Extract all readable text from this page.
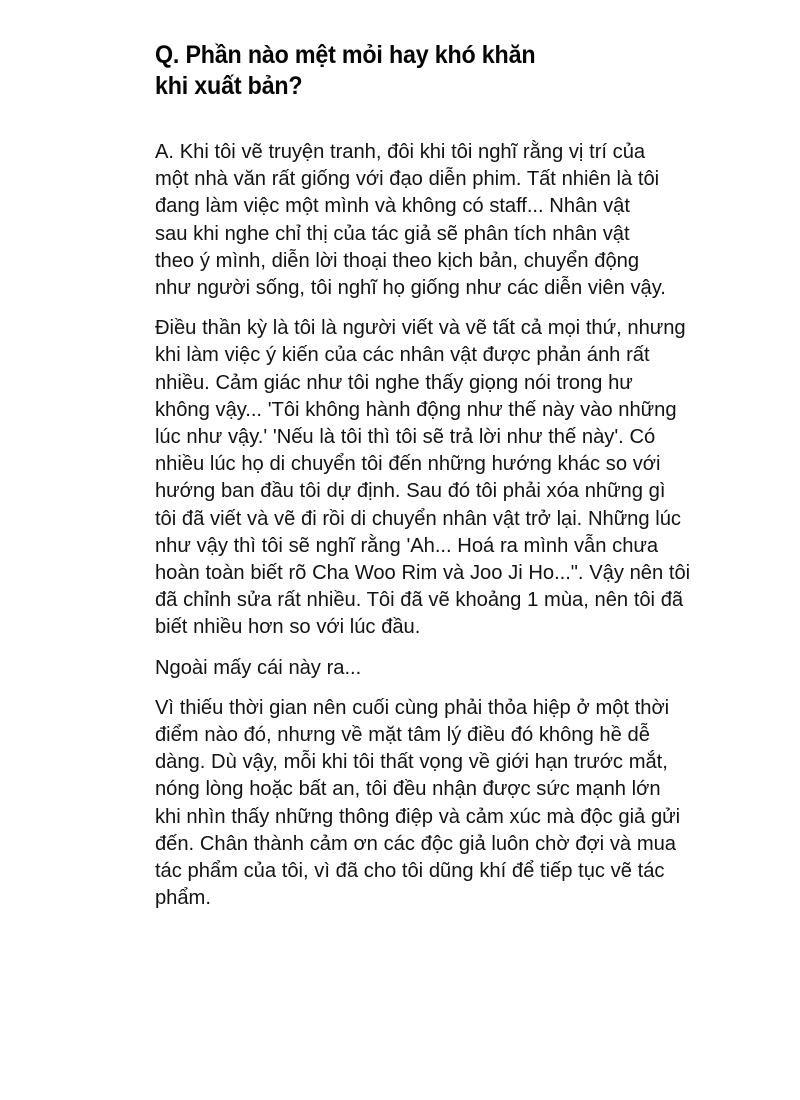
Q. Phần nào mệt mỏi hay khó khăn khi xuất bản?

A. Khi tôi vẽ truyện tranh, đôi khi tôi nghĩ rằng vị trí của một nhà văn rất giống với đạo diễn phim. Tất nhiên là tôi đang làm việc một mình và không có staff... Nhân vật sau khi nghe chỉ thị của tác giả sẽ phân tích nhân vật theo ý mình, diễn lời thoại theo kịch bản, chuyển động như người sống, tôi nghĩ họ giống như các diễn viên vậy.

Điều thần kỳ là tôi là người viết và vẽ tất cả mọi thứ, nhưng khi làm việc ý kiến của các nhân vật được phản ánh rất nhiều. Cảm giác như tôi nghe thấy giọng nói trong hư không vậy... 'Tôi không hành động như thế này vào những lúc như vậy.' 'Nếu là tôi thì tôi sẽ trả lời như thế này'. Có nhiều lúc họ di chuyển tôi đến những hướng khác so với hướng ban đầu tôi dự định. Sau đó tôi phải xóa những gì tôi đã viết và vẽ đi rồi di chuyển nhân vật trở lại. Những lúc như vậy thì tôi sẽ nghĩ rằng 'Ah... Hoá ra mình vẫn chưa hoàn toàn biết rõ Cha Woo Rim và Joo Ji Ho...". Vậy nên tôi đã chỉnh sửa rất nhiều. Tôi đã vẽ khoảng 1 mùa, nên tôi đã biết nhiều hơn so với lúc đầu.

Ngoài mấy cái này ra...

Vì thiếu thời gian nên cuối cùng phải thỏa hiệp ở một thời điểm nào đó, nhưng về mặt tâm lý điều đó không hề dễ dàng. Dù vậy, mỗi khi tôi thất vọng về giới hạn trước mắt, nóng lòng hoặc bất an, tôi đều nhận được sức mạnh lớn khi nhìn thấy những thông điệp và cảm xúc mà độc giả gửi đến. Chân thành cảm ơn các độc giả luôn chờ đợi và mua tác phẩm của tôi, vì đã cho tôi dũng khí để tiếp tục vẽ tác phẩm.
